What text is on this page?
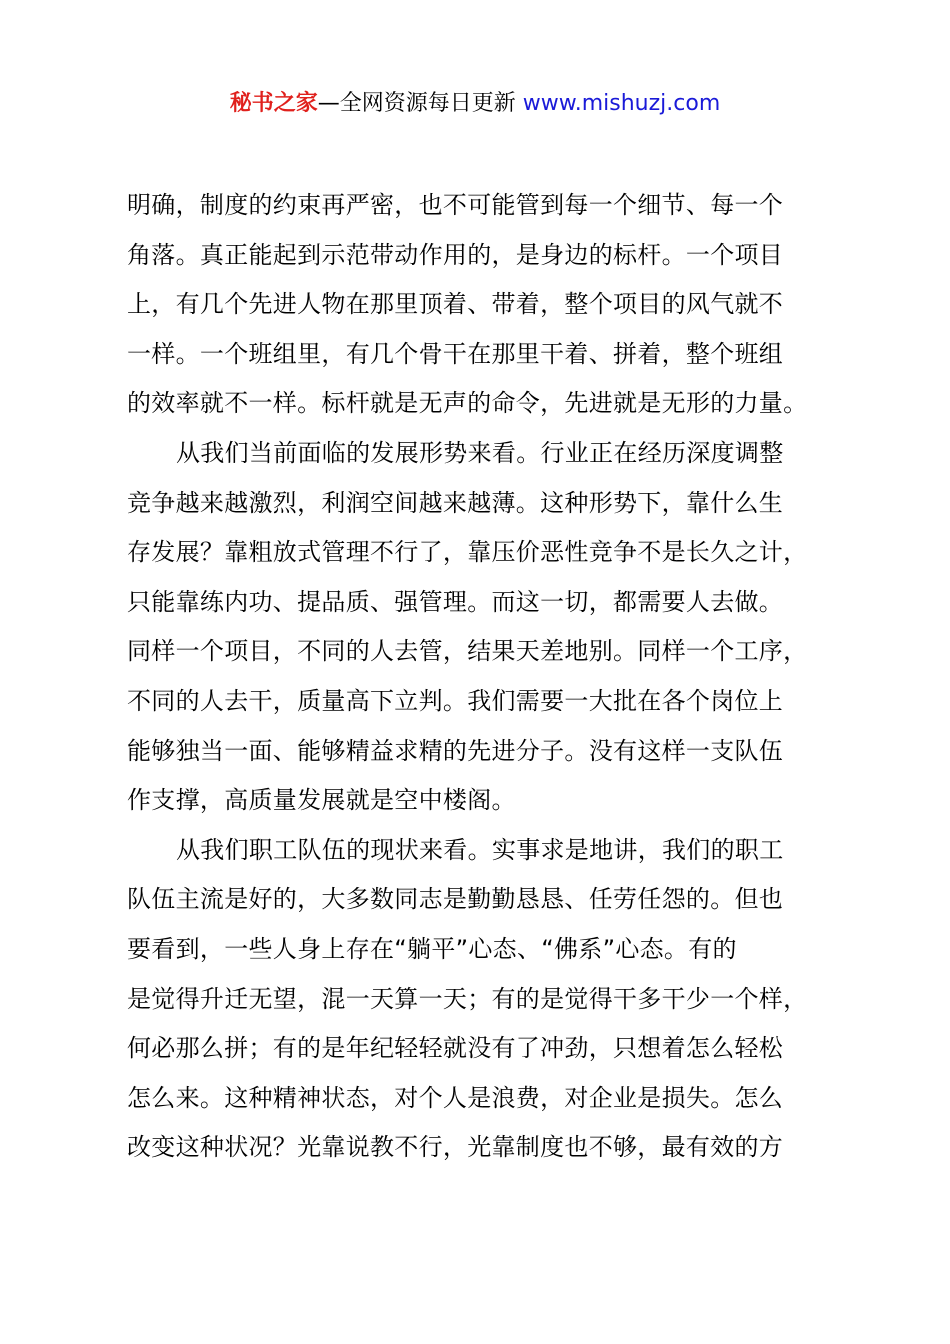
秘书之家—全网资源每日更新 www.mishuzj.com
明确，制度的约束再严密，也不可能管到每一个细节、每一个
角落。真正能起到示范带动作用的，是身边的标杆。一个项目
上，有几个先进人物在那里顶着、带着，整个项目的风气就不
一样。一个班组里，有几个骨干在那里干着、拼着，整个班组
的效率就不一样。标杆就是无声的命令，先进就是无形的力量。
从我们当前面临的发展形势来看。行业正在经历深度调整
竞争越来越激烈，利润空间越来越薄。这种形势下，靠什么生
存发展？靠粗放式管理不行了，靠压价恶性竞争不是长久之计，
只能靠练内功、提品质、强管理。而这一切，都需要人去做。
同样一个项目，不同的人去管，结果天差地别。同样一个工序，
不同的人去干，质量高下立判。我们需要一大批在各个岗位上
能够独当一面、能够精益求精的先进分子。没有这样一支队伍
作支撑，高质量发展就是空中楼阁。
从我们职工队伍的现状来看。实事求是地讲，我们的职工
队伍主流是好的，大多数同志是勤勤恳恳、任劳任怨的。但也
要看到，一些人身上存在“躺平”心态、“佛系”心态。有的
是觉得升迁无望，混一天算一天；有的是觉得干多干少一个样，
何必那么拼；有的是年纪轻轻就没有了冲劲，只想着怎么轻松
怎么来。这种精神状态，对个人是浪费，对企业是损失。怎么
改变这种状况？光靠说教不行，光靠制度也不够，最有效的方
